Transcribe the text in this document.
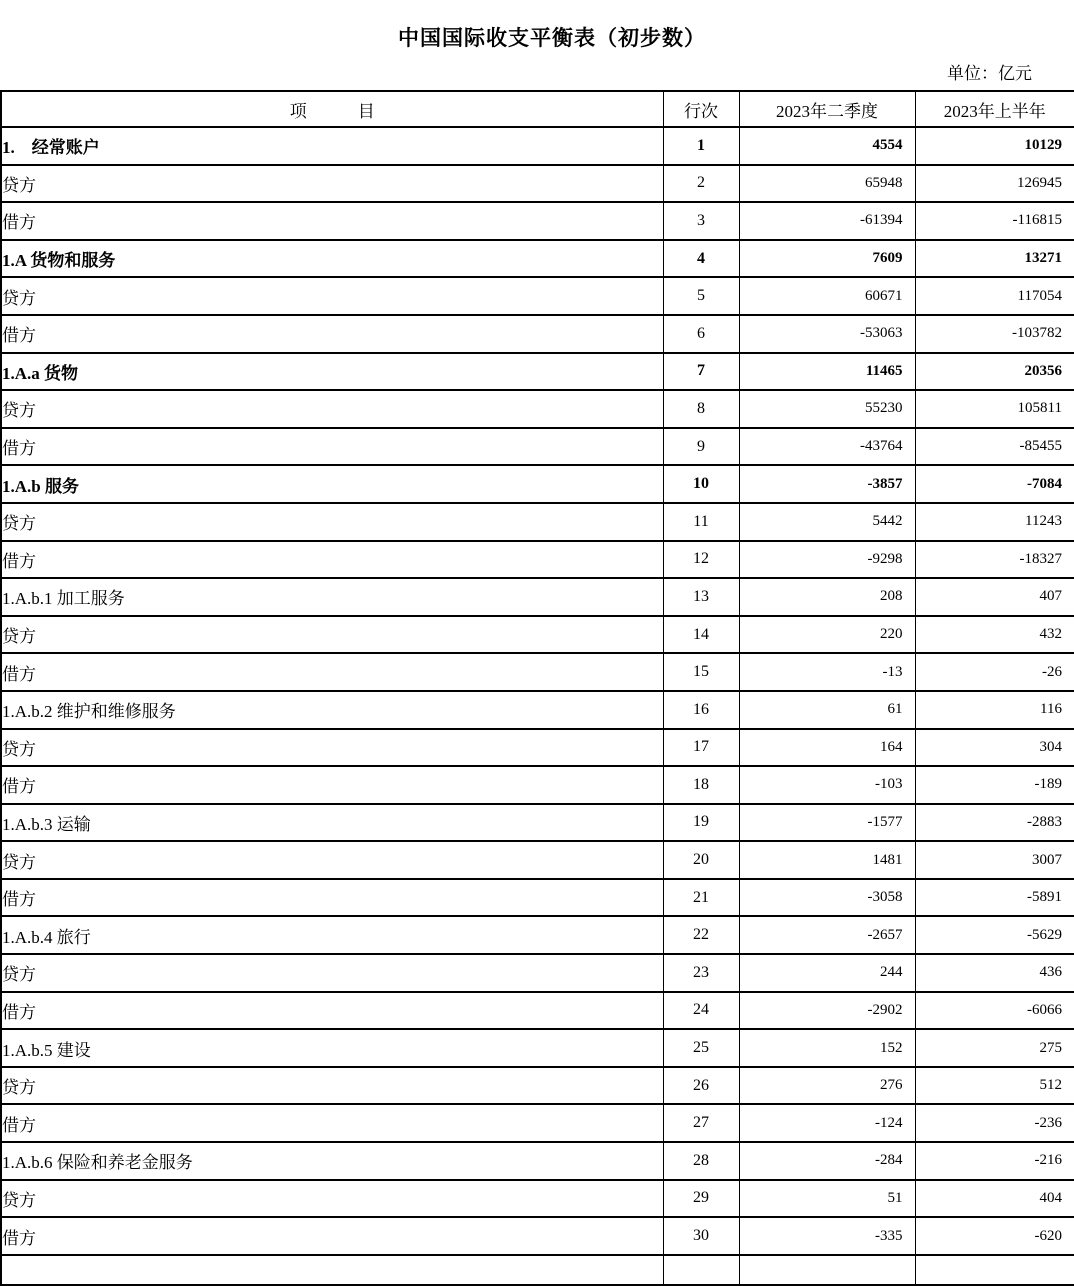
中国国际收支平衡表（初步数）
单位：亿元
项　　　目	行次	2023年二季度	2023年上半年
1.　经常账户	1	4554	10129
贷方	2	65948	126945
借方	3	-61394	-116815
1.A 货物和服务	4	7609	13271
贷方	5	60671	117054
借方	6	-53063	-103782
1.A.a 货物	7	11465	20356
贷方	8	55230	105811
借方	9	-43764	-85455
1.A.b 服务	10	-3857	-7084
贷方	11	5442	11243
借方	12	-9298	-18327
1.A.b.1 加工服务	13	208	407
贷方	14	220	432
借方	15	-13	-26
1.A.b.2 维护和维修服务	16	61	116
贷方	17	164	304
借方	18	-103	-189
1.A.b.3 运输	19	-1577	-2883
贷方	20	1481	3007
借方	21	-3058	-5891
1.A.b.4 旅行	22	-2657	-5629
贷方	23	244	436
借方	24	-2902	-6066
1.A.b.5 建设	25	152	275
贷方	26	276	512
借方	27	-124	-236
1.A.b.6 保险和养老金服务	28	-284	-216
贷方	29	51	404
借方	30	-335	-620
